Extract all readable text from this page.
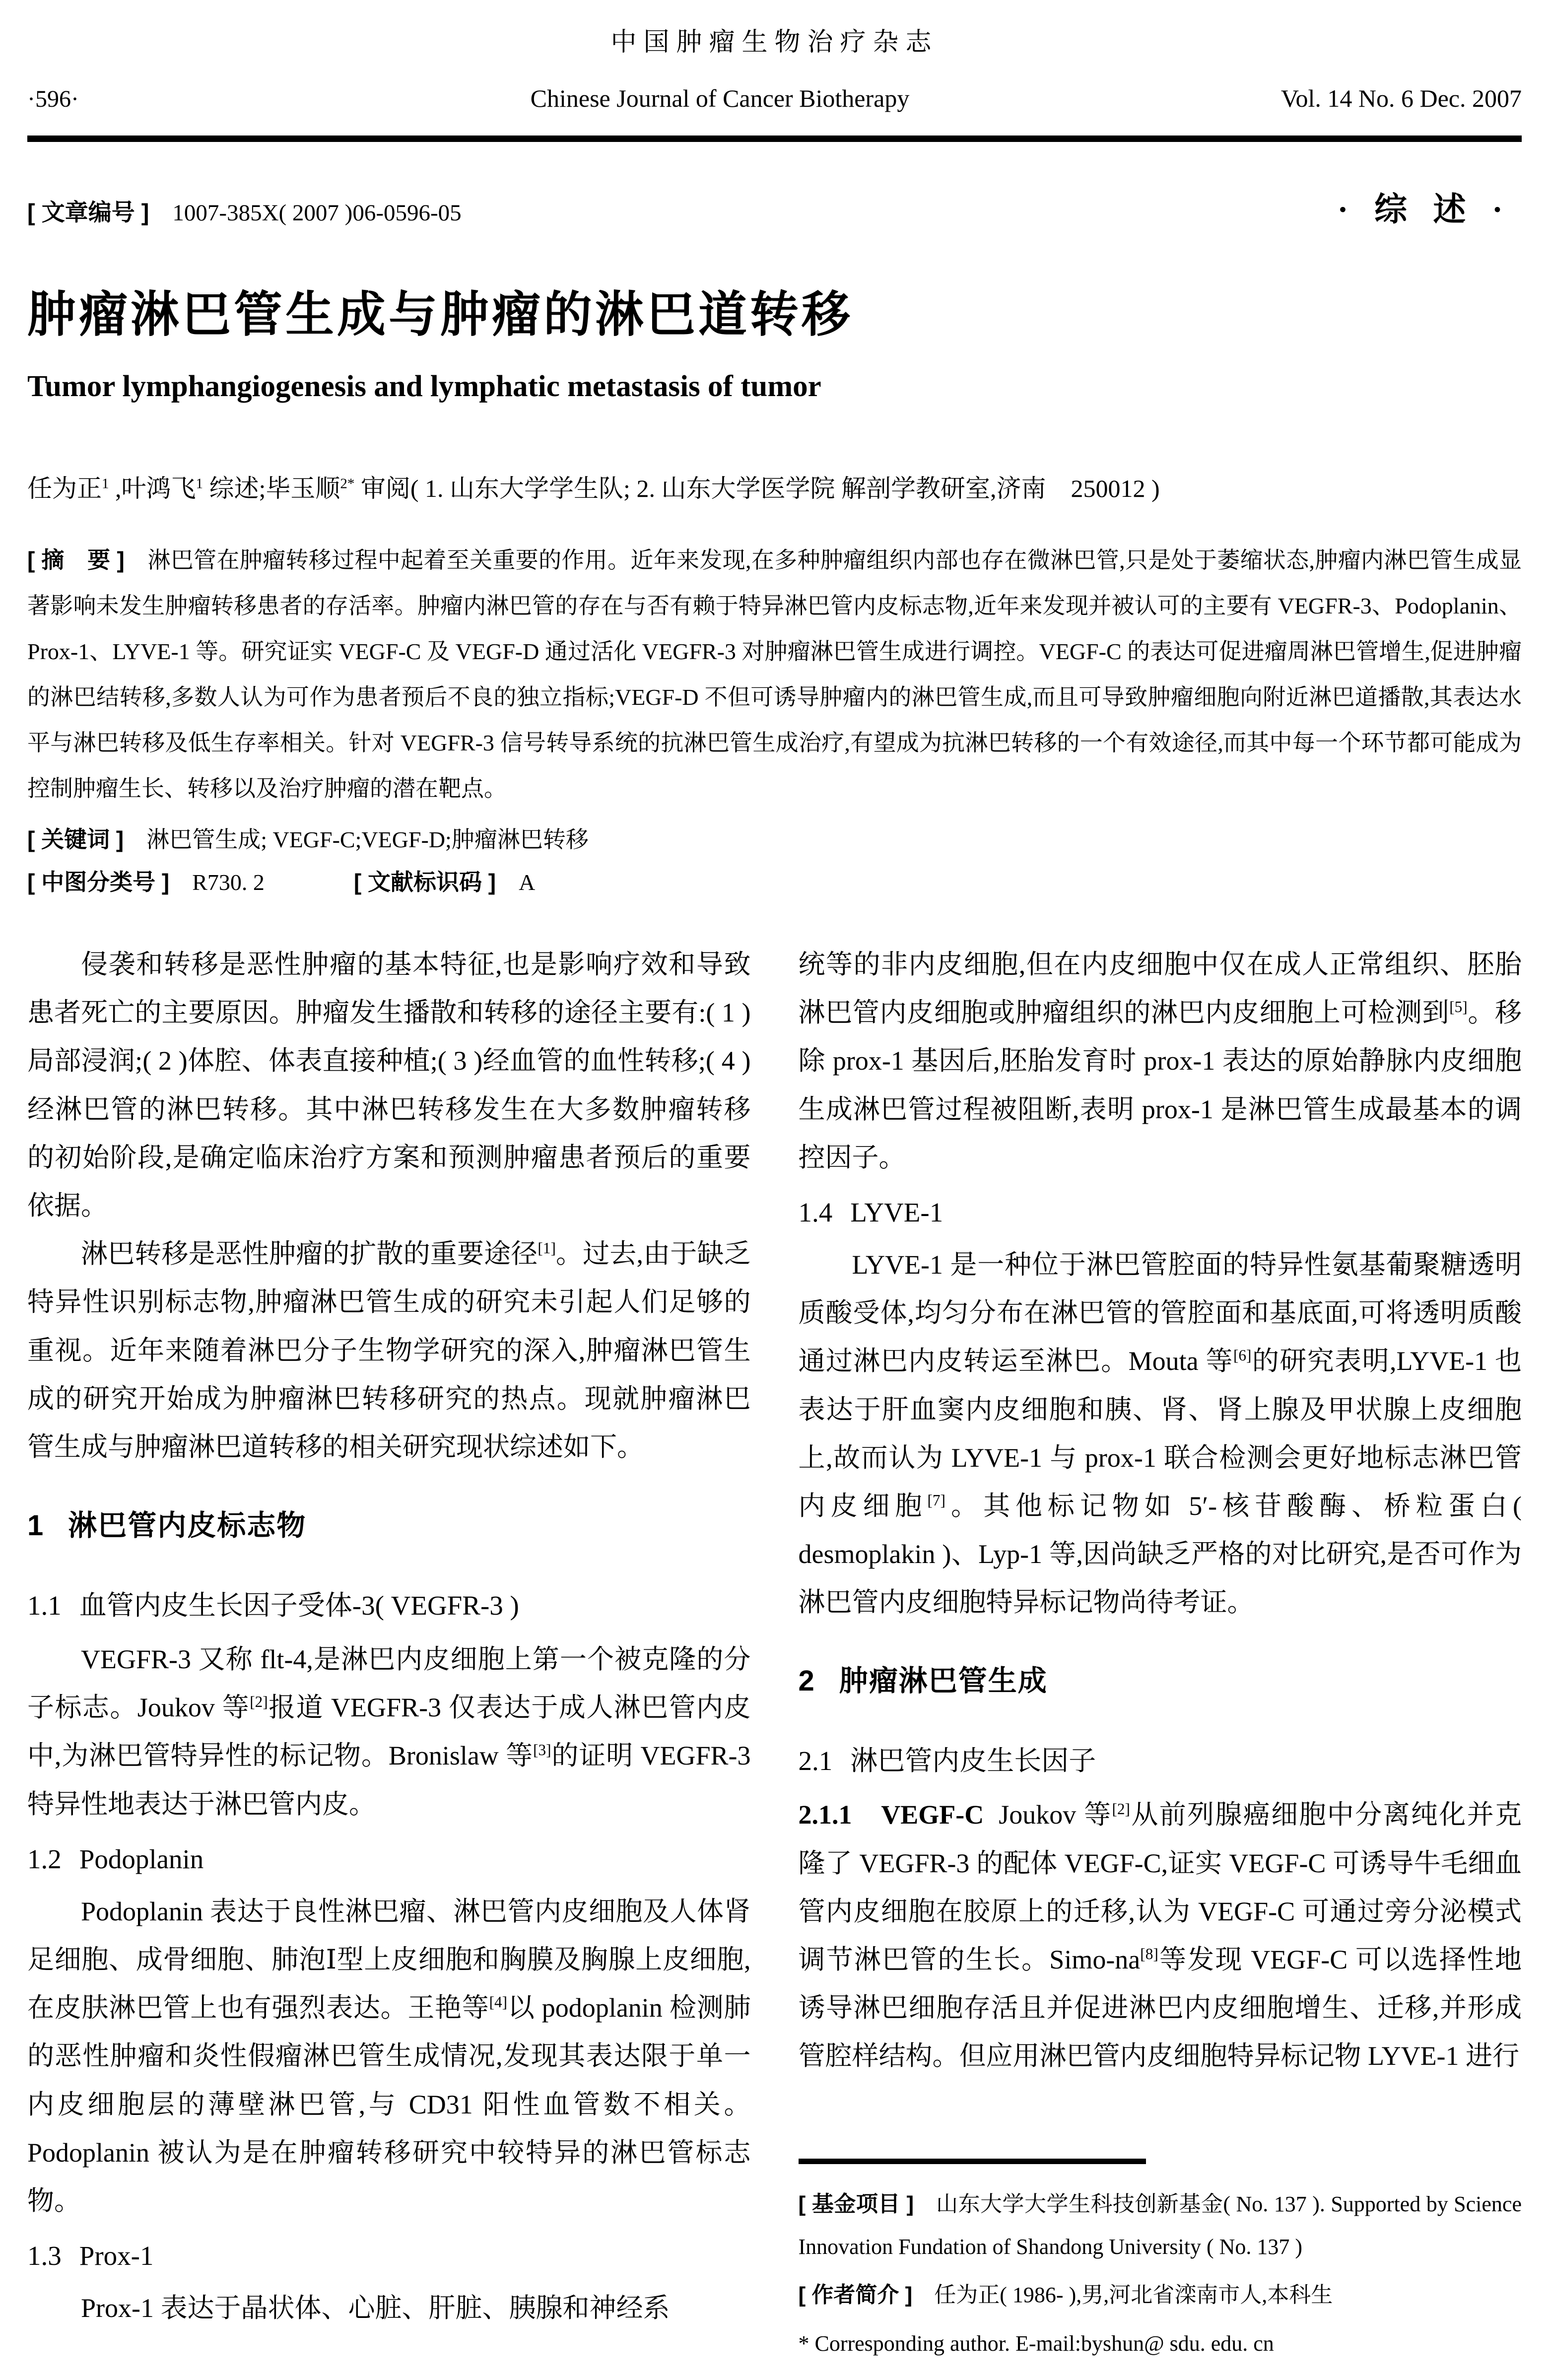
中国肿瘤生物治疗杂志
·596·	Chinese Journal of Cancer Biotherapy	Vol. 14 No. 6 Dec. 2007
[ 文章编号 ]　 1007-385X( 2007 )06-0596-05	· 综 述 ·
肿瘤淋巴管生成与肿瘤的淋巴道转移
Tumor lymphangiogenesis and lymphatic metastasis of tumor
任为正$^1$ ,叶鸿飞$^1$ 综述;毕玉顺$^{2*}$ 审阅( 1. 山东大学学生队; 2. 山东大学医学院 解剖学教研室,济南　250012 )
[ 摘　要 ]　淋巴管在肿瘤转移过程中起着至关重要的作用。近年来发现,在多种肿瘤组织内部也存在微淋巴管,只是处于萎缩状态,肿瘤内淋巴管生成显著影响未发生肿瘤转移患者的存活率。肿瘤内淋巴管的存在与否有赖于特异淋巴管内皮标志物,近年来发现并被认可的主要有 VEGFR-3、Podoplanin、Prox-1、LYVE-1 等。研究证实 VEGF-C 及 VEGF-D 通过活化 VEGFR-3 对肿瘤淋巴管生成进行调控。VEGF-C 的表达可促进瘤周淋巴管增生,促进肿瘤的淋巴结转移,多数人认为可作为患者预后不良的独立指标;VEGF-D 不但可诱导肿瘤内的淋巴管生成,而且可导致肿瘤细胞向附近淋巴道播散,其表达水平与淋巴转移及低生存率相关。针对 VEGFR-3 信号转导系统的抗淋巴管生成治疗,有望成为抗淋巴转移的一个有效途径,而其中每一个环节都可能成为控制肿瘤生长、转移以及治疗肿瘤的潜在靶点。
[ 关键词 ]　淋巴管生成; VEGF-C;VEGF-D;肿瘤淋巴转移
[ 中图分类号 ]　 R730. 2	[ 文献标识码 ]　 A
侵袭和转移是恶性肿瘤的基本特征,也是影响疗效和导致患者死亡的主要原因。肿瘤发生播散和转移的途径主要有:( 1 )局部浸润;( 2 )体腔、体表直接种植;( 3 )经血管的血性转移;( 4 )经淋巴管的淋巴转移。其中淋巴转移发生在大多数肿瘤转移的初始阶段,是确定临床治疗方案和预测肿瘤患者预后的重要依据。
淋巴转移是恶性肿瘤的扩散的重要途径[1]。过去,由于缺乏特异性识别标志物,肿瘤淋巴管生成的研究未引起人们足够的重视。近年来随着淋巴分子生物学研究的深入,肿瘤淋巴管生成的研究开始成为肿瘤淋巴转移研究的热点。现就肿瘤淋巴管生成与肿瘤淋巴道转移的相关研究现状综述如下。
1 淋巴管内皮标志物
1.1 血管内皮生长因子受体-3( VEGFR-3 )
VEGFR-3 又称 flt-4,是淋巴内皮细胞上第一个被克隆的分子标志。Joukov 等[2]报道 VEGFR-3 仅表达于成人淋巴管内皮中,为淋巴管特异性的标记物。Bronislaw 等[3]的证明 VEGFR-3 特异性地表达于淋巴管内皮。
1.2 Podoplanin
Podoplanin 表达于良性淋巴瘤、淋巴管内皮细胞及人体肾足细胞、成骨细胞、肺泡Ⅰ型上皮细胞和胸膜及胸腺上皮细胞,在皮肤淋巴管上也有强烈表达。王艳等[4]以 podoplanin 检测肺的恶性肿瘤和炎性假瘤淋巴管生成情况,发现其表达限于单一内皮细胞层的薄壁淋巴管,与 CD31 阳性血管数不相关。Podoplanin 被认为是在肿瘤转移研究中较特异的淋巴管标志物。
1.3 Prox-1
Prox-1 表达于晶状体、心脏、肝脏、胰腺和神经系
统等的非内皮细胞,但在内皮细胞中仅在成人正常组织、胚胎淋巴管内皮细胞或肿瘤组织的淋巴内皮细胞上可检测到[5]。移除 prox-1 基因后,胚胎发育时 prox-1 表达的原始静脉内皮细胞生成淋巴管过程被阻断,表明 prox-1 是淋巴管生成最基本的调控因子。
1.4 LYVE-1
LYVE-1 是一种位于淋巴管腔面的特异性氨基葡聚糖透明质酸受体,均匀分布在淋巴管的管腔面和基底面,可将透明质酸通过淋巴内皮转运至淋巴。Mouta 等[6]的研究表明,LYVE-1 也表达于肝血窦内皮细胞和胰、肾、肾上腺及甲状腺上皮细胞上,故而认为 LYVE-1 与 prox-1 联合检测会更好地标志淋巴管内皮细胞[7]。其他标记物如 5′-核苷酸酶、桥粒蛋白( desmoplakin )、Lyp-1 等,因尚缺乏严格的对比研究,是否可作为淋巴管内皮细胞特异标记物尚待考证。
2 肿瘤淋巴管生成
2.1 淋巴管内皮生长因子
2.1.1　VEGF-C Joukov 等[2]从前列腺癌细胞中分离纯化并克隆了 VEGFR-3 的配体 VEGF-C,证实 VEGF-C 可诱导牛毛细血管内皮细胞在胶原上的迁移,认为 VEGF-C 可通过旁分泌模式调节淋巴管的生长。Simo-na[8]等发现 VEGF-C 可以选择性地诱导淋巴细胞存活且并促进淋巴内皮细胞增生、迁移,并形成管腔样结构。但应用淋巴管内皮细胞特异标记物 LYVE-1 进行
[ 基金项目 ]　山东大学大学生科技创新基金( No. 137 ). Supported by Science Innovation Fundation of Shandong University ( No. 137 )
[ 作者简介 ]　任为正( 1986- ),男,河北省滦南市人,本科生
* Corresponding author. E-mail:byshun@ sdu. edu. cn
